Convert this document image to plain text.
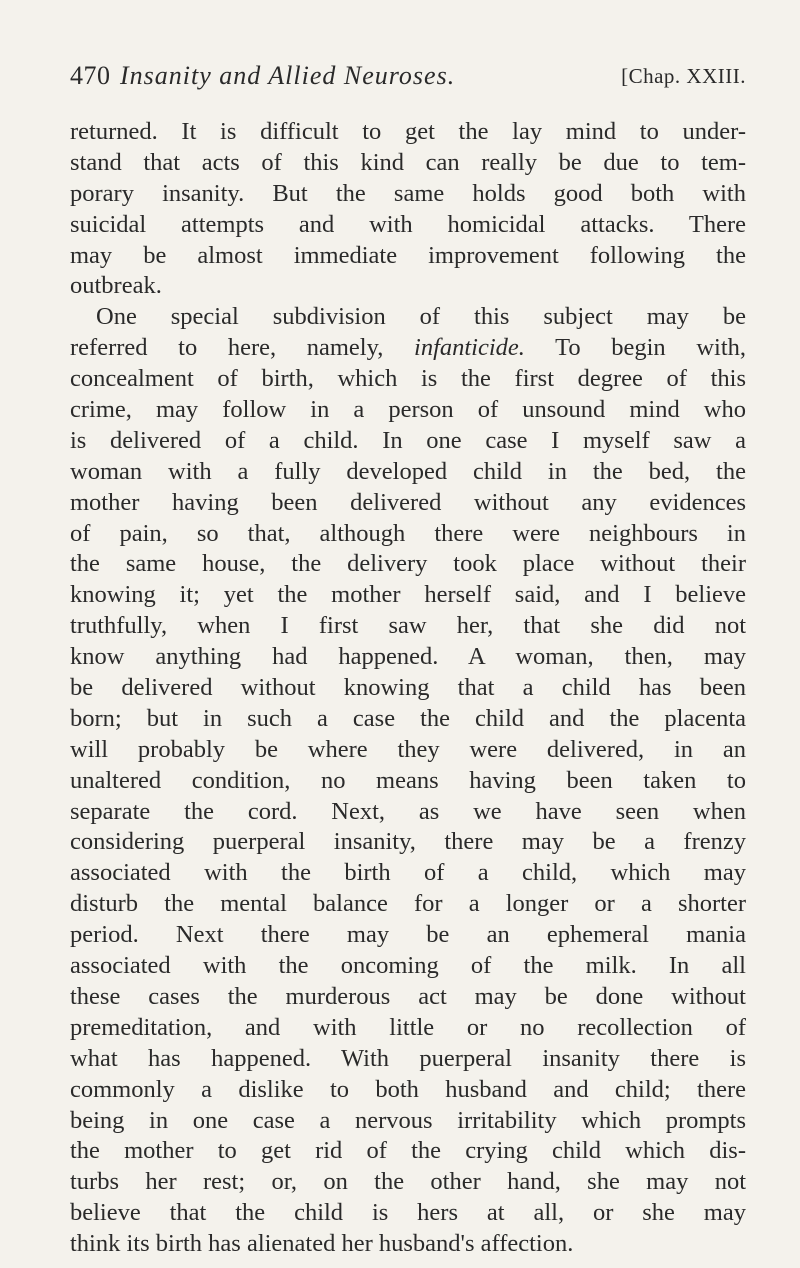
470 Insanity and Allied Neuroses.	[Chap. XXIII.
returned. It is difficult to get the lay mind to under-
stand that acts of this kind can really be due to tem-
porary insanity. But the same holds good both with
suicidal attempts and with homicidal attacks. There
may be almost immediate improvement following the
outbreak.
One special subdivision of this subject may be
referred to here, namely, infanticide. To begin with,
concealment of birth, which is the first degree of this
crime, may follow in a person of unsound mind who
is delivered of a child. In one case I myself saw a
woman with a fully developed child in the bed, the
mother having been delivered without any evidences
of pain, so that, although there were neighbours in
the same house, the delivery took place without their
knowing it; yet the mother herself said, and I believe
truthfully, when I first saw her, that she did not
know anything had happened. A woman, then, may
be delivered without knowing that a child has been
born; but in such a case the child and the placenta
will probably be where they were delivered, in an
unaltered condition, no means having been taken to
separate the cord. Next, as we have seen when
considering puerperal insanity, there may be a frenzy
associated with the birth of a child, which may
disturb the mental balance for a longer or a shorter
period. Next there may be an ephemeral mania
associated with the oncoming of the milk. In all
these cases the murderous act may be done without
premeditation, and with little or no recollection of
what has happened. With puerperal insanity there is
commonly a dislike to both husband and child; there
being in one case a nervous irritability which prompts
the mother to get rid of the crying child which dis-
turbs her rest; or, on the other hand, she may not
believe that the child is hers at all, or she may
think its birth has alienated her husband's affection.
